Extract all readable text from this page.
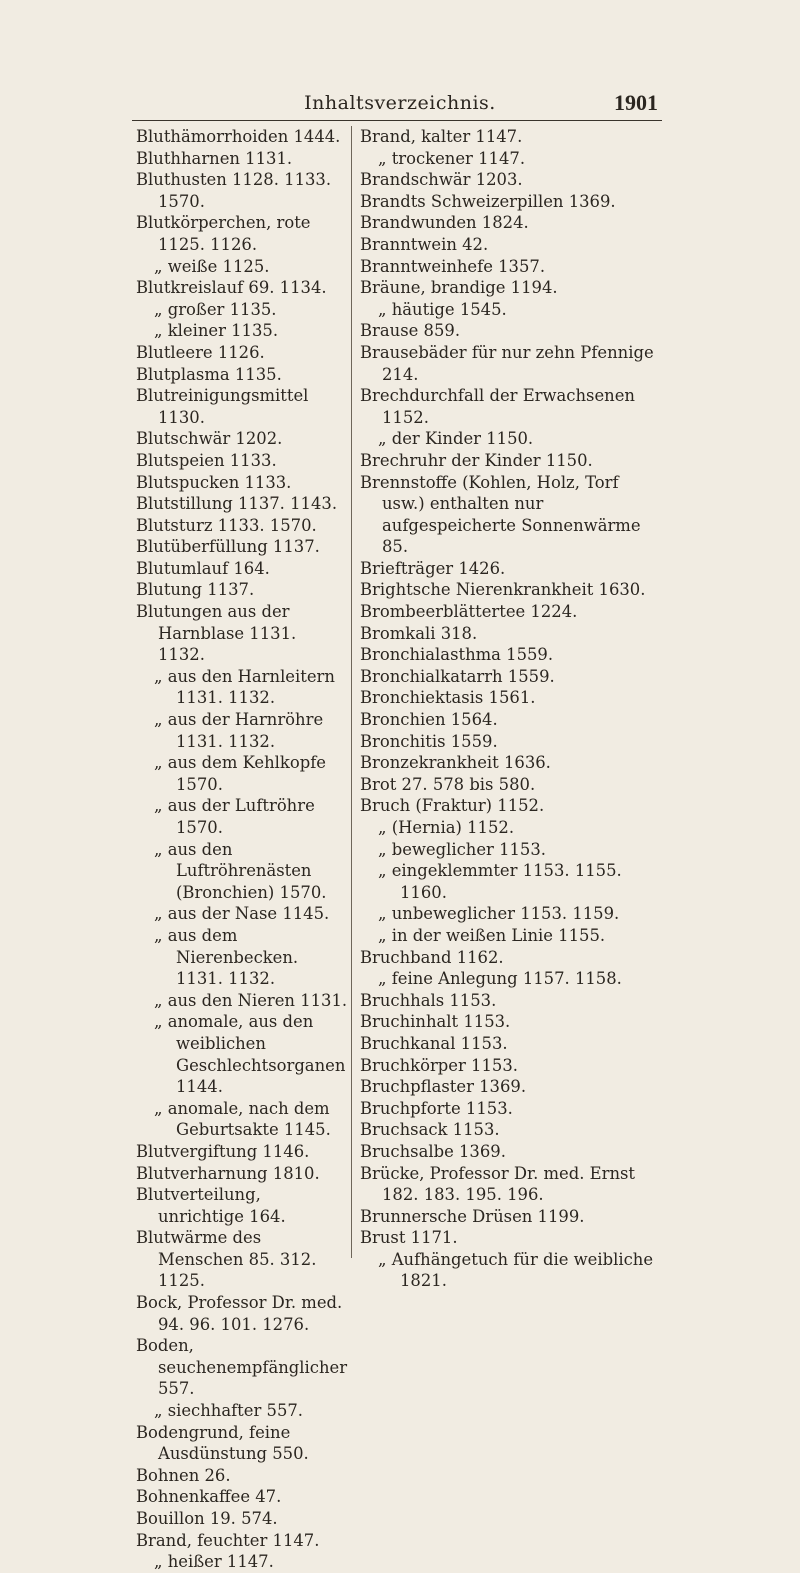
Inhaltsverzeichnis.	1901
Bluthämorrhoiden 1444.
Bluthharnen 1131.
Bluthusten 1128. 1133. 1570.
Blutkörperchen, rote 1125. 1126.
„ weiße 1125.
Blutkreislauf 69. 1134.
„ großer 1135.
„ kleiner 1135.
Blutleere 1126.
Blutplasma 1135.
Blutreinigungsmittel 1130.
Blutschwär 1202.
Blutspeien 1133.
Blutspucken 1133.
Blutstillung 1137. 1143.
Blutsturz 1133. 1570.
Blutüberfüllung 1137.
Blutumlauf 164.
Blutung 1137.
Blutungen aus der Harnblase 1131. 1132.
„ aus den Harnleitern 1131. 1132.
„ aus der Harnröhre 1131. 1132.
„ aus dem Kehlkopfe 1570.
„ aus der Luftröhre 1570.
„ aus den Luftröhrenästen (Bronchien) 1570.
„ aus der Nase 1145.
„ aus dem Nierenbecken. 1131. 1132.
„ aus den Nieren 1131.
„ anomale, aus den weiblichen Geschlechtsorganen 1144.
„ anomale, nach dem Geburtsakte 1145.
Blutvergiftung 1146.
Blutverharnung 1810.
Blutverteilung, unrichtige 164.
Blutwärme des Menschen 85. 312. 1125.
Bock, Professor Dr. med. 94. 96. 101. 1276.
Boden, seuchenempfänglicher 557.
„ siechhafter 557.
Bodengrund, feine Ausdünstung 550.
Bohnen 26.
Bohnenkaffee 47.
Bouillon 19. 574.
Brand, feuchter 1147.
„ heißer 1147.
Brand, kalter 1147.
„ trockener 1147.
Brandschwär 1203.
Brandts Schweizerpillen 1369.
Brandwunden 1824.
Branntwein 42.
Branntweinhefe 1357.
Bräune, brandige 1194.
„ häutige 1545.
Brause 859.
Brausebäder für nur zehn Pfennige 214.
Brechdurchfall der Erwachsenen 1152.
„ der Kinder 1150.
Brechruhr der Kinder 1150.
Brennstoffe (Kohlen, Holz, Torf usw.) enthalten nur aufgespeicherte Sonnenwärme 85.
Briefträger 1426.
Brightsche Nierenkrankheit 1630.
Brombeerblättertee 1224.
Bromkali 318.
Bronchialasthma 1559.
Bronchialkatarrh 1559.
Bronchiektasis 1561.
Bronchien 1564.
Bronchitis 1559.
Bronzekrankheit 1636.
Brot 27. 578 bis 580.
Bruch (Fraktur) 1152.
„ (Hernia) 1152.
„ beweglicher 1153.
„ eingeklemmter 1153. 1155. 1160.
„ unbeweglicher 1153. 1159.
„ in der weißen Linie 1155.
Bruchband 1162.
„ feine Anlegung 1157. 1158.
Bruchhals 1153.
Bruchinhalt 1153.
Bruchkanal 1153.
Bruchkörper 1153.
Bruchpflaster 1369.
Bruchpforte 1153.
Bruchsack 1153.
Bruchsalbe 1369.
Brücke, Professor Dr. med. Ernst 182. 183. 195. 196.
Brunnersche Drüsen 1199.
Brust 1171.
„ Aufhängetuch für die weibliche 1821.
